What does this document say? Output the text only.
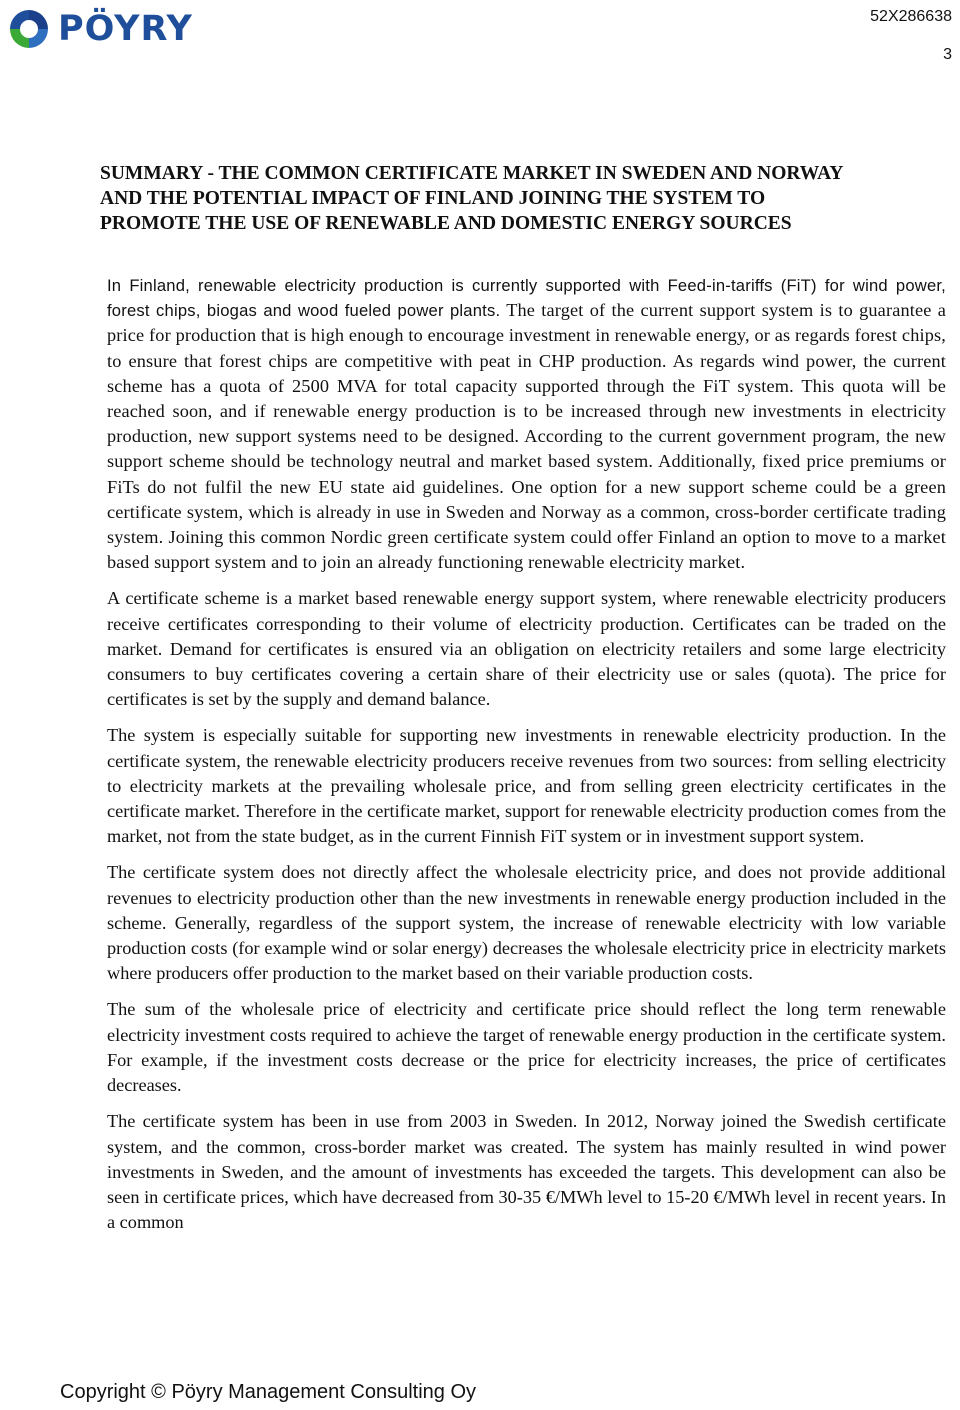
PÖYRY	52X286638
3
SUMMARY - THE COMMON CERTIFICATE MARKET IN SWEDEN AND NORWAY
AND THE POTENTIAL IMPACT OF FINLAND JOINING THE SYSTEM TO
PROMOTE THE USE OF RENEWABLE AND DOMESTIC ENERGY SOURCES

In Finland, renewable electricity production is currently supported with Feed-in-tariffs (FiT) for wind power, forest chips, biogas and wood fueled power plants. The target of the current support system is to guarantee a price for production that is high enough to encourage investment in renewable energy, or as regards forest chips, to ensure that forest chips are competitive with peat in CHP production. As regards wind power, the current scheme has a quota of 2500 MVA for total capacity supported through the FiT system. This quota will be reached soon, and if renewable energy production is to be increased through new investments in electricity production, new support systems need to be designed. According to the current government program, the new support scheme should be technology neutral and market based system. Additionally, fixed price premiums or FiTs do not fulfil the new EU state aid guidelines. One option for a new support scheme could be a green certificate system, which is already in use in Sweden and Norway as a common, cross-border certificate trading system. Joining this common Nordic green certificate system could offer Finland an option to move to a market based support system and to join an already functioning renewable electricity market.

A certificate scheme is a market based renewable energy support system, where renewable electricity producers receive certificates corresponding to their volume of electricity production. Certificates can be traded on the market. Demand for certificates is ensured via an obligation on electricity retailers and some large electricity consumers to buy certificates covering a certain share of their electricity use or sales (quota). The price for certificates is set by the supply and demand balance.

The system is especially suitable for supporting new investments in renewable electricity production. In the certificate system, the renewable electricity producers receive revenues from two sources: from selling electricity to electricity markets at the prevailing wholesale price, and from selling green electricity certificates in the certificate market. Therefore in the certificate market, support for renewable electricity production comes from the market, not from the state budget, as in the current Finnish FiT system or in investment support system.

The certificate system does not directly affect the wholesale electricity price, and does not provide additional revenues to electricity production other than the new investments in renewable energy production included in the scheme. Generally, regardless of the support system, the increase of renewable electricity with low variable production costs (for example wind or solar energy) decreases the wholesale electricity price in electricity markets where producers offer production to the market based on their variable production costs.

The sum of the wholesale price of electricity and certificate price should reflect the long term renewable electricity investment costs required to achieve the target of renewable energy production in the certificate system. For example, if the investment costs decrease or the price for electricity increases, the price of certificates decreases.

The certificate system has been in use from 2003 in Sweden. In 2012, Norway joined the Swedish certificate system, and the common, cross-border market was created. The system has mainly resulted in wind power investments in Sweden, and the amount of investments has exceeded the targets. This development can also be seen in certificate prices, which have decreased from 30-35 €/MWh level to 15-20 €/MWh level in recent years. In a common

Copyright © Pöyry Management Consulting Oy
